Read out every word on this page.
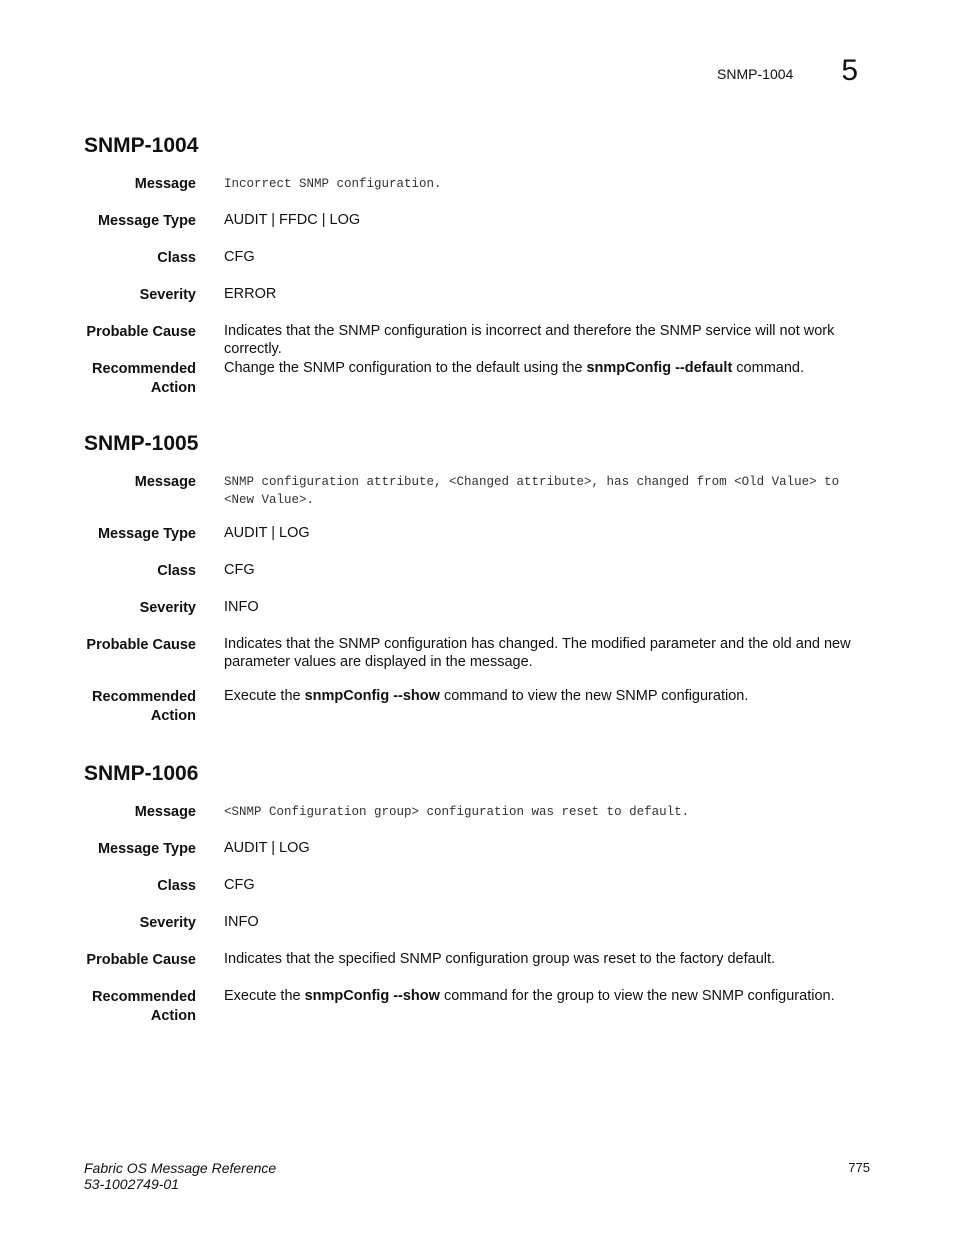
SNMP-1004 5
SNMP-1004
Message Incorrect SNMP configuration.
Message Type AUDIT | FFDC | LOG
Class CFG
Severity ERROR
Probable Cause Indicates that the SNMP configuration is incorrect and therefore the SNMP service will not work correctly.
Recommended
Action
Change the SNMP configuration to the default using the snmpConfig --default command.
SNMP-1005
Message SNMP configuration attribute, <Changed attribute>, has changed from <Old Value> to <New Value>.
Message Type AUDIT | LOG
Class CFG
Severity INFO
Probable Cause Indicates that the SNMP configuration has changed. The modified parameter and the old and new parameter values are displayed in the message.
Recommended
Action
Execute the snmpConfig --show command to view the new SNMP configuration.
SNMP-1006
Message <SNMP Configuration group> configuration was reset to default.
Message Type AUDIT | LOG
Class CFG
Severity INFO
Probable Cause Indicates that the specified SNMP configuration group was reset to the factory default.
Recommended
Action
Execute the snmpConfig --show command for the group to view the new SNMP configuration.
Fabric OS Message Reference
53-1002749-01
775
